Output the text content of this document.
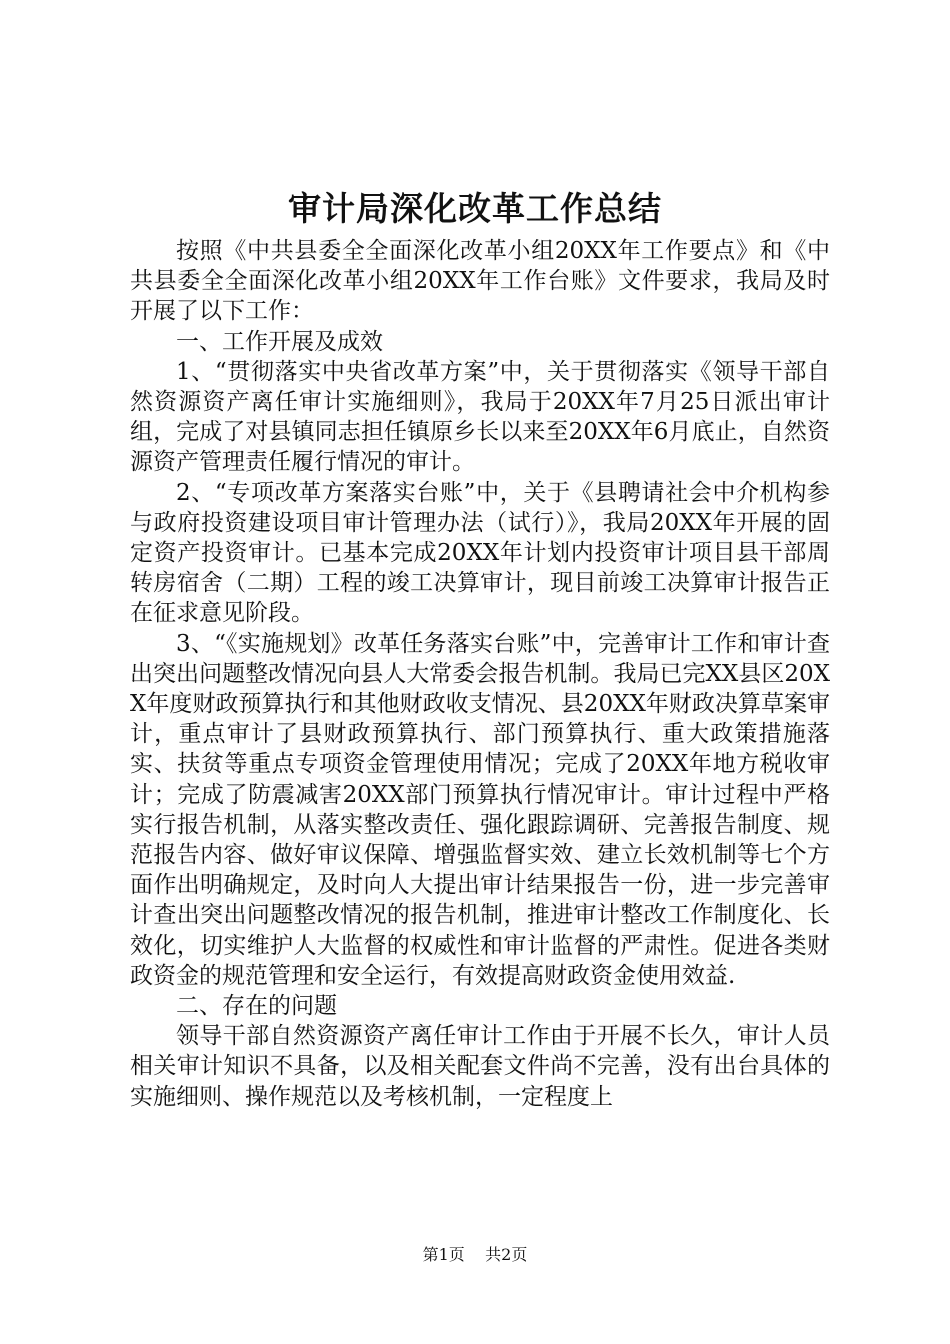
审计局深化改革工作总结

按照《中共县委全全面深化改革小组20XX年工作要点》和《中共县委全全面深化改革小组20XX年工作台账》文件要求，我局及时开展了以下工作：

一、工作开展及成效

1、“贯彻落实中央省改革方案”中，关于贯彻落实《领导干部自然资源资产离任审计实施细则》，我局于20XX年7月25日派出审计组，完成了对县镇同志担任镇原乡长以来至20XX年6月底止，自然资源资产管理责任履行情况的审计。

2、“专项改革方案落实台账”中，关于《县聘请社会中介机构参与政府投资建设项目审计管理办法（试行）》，我局20XX年开展的固定资产投资审计。已基本完成20XX年计划内投资审计项目县干部周转房宿舍（二期）工程的竣工决算审计，现目前竣工决算审计报告正在征求意见阶段。

3、“《实施规划》改革任务落实台账”中，完善审计工作和审计查出突出问题整改情况向县人大常委会报告机制。我局已完XX县区20XX年度财政预算执行和其他财政收支情况、县20XX年财政决算草案审计，重点审计了县财政预算执行、部门预算执行、重大政策措施落实、扶贫等重点专项资金管理使用情况；完成了20XX年地方税收审计；完成了防震减害20XX部门预算执行情况审计。审计过程中严格实行报告机制，从落实整改责任、强化跟踪调研、完善报告制度、规范报告内容、做好审议保障、增强监督实效、建立长效机制等七个方面作出明确规定，及时向人大提出审计结果报告一份，进一步完善审计查出突出问题整改情况的报告机制，推进审计整改工作制度化、长效化，切实维护人大监督的权威性和审计监督的严肃性。促进各类财政资金的规范管理和安全运行，有效提高财政资金使用效益.

二、存在的问题

领导干部自然资源资产离任审计工作由于开展不长久，审计人员相关审计知识不具备，以及相关配套文件尚不完善，没有出台具体的实施细则、操作规范以及考核机制，一定程度上

第1页 共2页
